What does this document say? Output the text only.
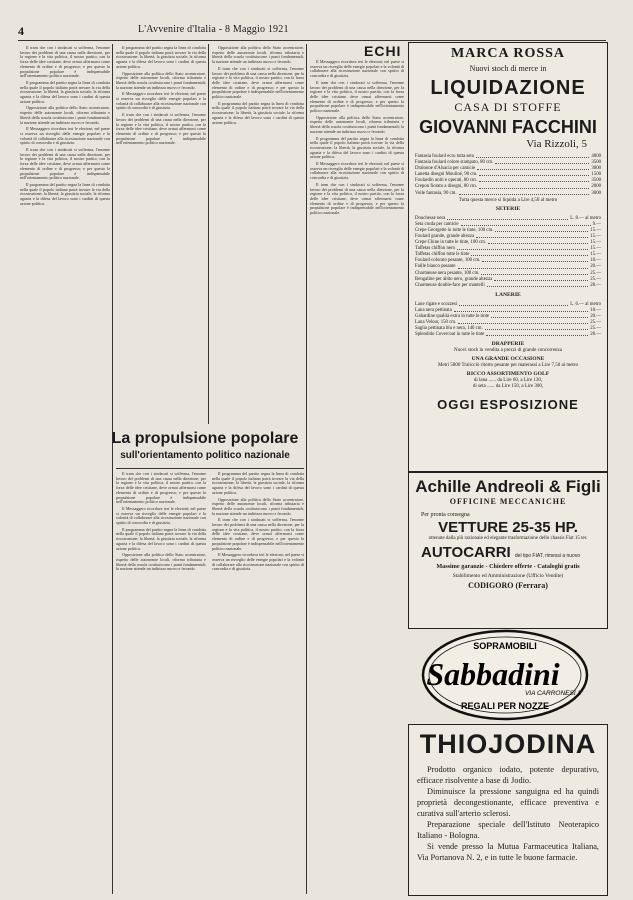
4	L'Avvenire d'Italia - 8 Maggio 1921

Il tram che con i sindacati si sofferma, l'enorme lavoro dei problemi di una causa nella direzione, per la regione e la vita politica, il nostro partito, con la forza delle idee cristiane, deve ormai affermarsi come elemento di ordine e di progresso; e per questo la propulsione popolare è indispensabile nell'orientamento politico nazionale.

Il programma del partito segna la linea di condotta nella quale il popolo italiano potrà trovare la via della ricostruzione; la libertà, la giustizia sociale, la riforma agraria e la difesa del lavoro sono i cardini di questa azione politica.

Opposizione alla politica dello Stato accentratore, rispetto delle autonomie locali, riforma tributaria e libertà della scuola costituiscono i punti fondamentali; la nazione attende un indirizzo nuovo e fecondo.

Il Messaggero ricordava ieri le elezioni; nel paese si osserva un risveglio delle energie popolari e la volontà di collaborare alla ricostruzione nazionale con spirito di concordia e di giustizia.

Il tram che con i sindacati si sofferma, l'enorme lavoro dei problemi di una causa nella direzione, per la regione e la vita politica, il nostro partito, con la forza delle idee cristiane, deve ormai affermarsi come elemento di ordine e di progresso; e per questo la propulsione popolare è indispensabile nell'orientamento politico nazionale.

Il programma del partito segna la linea di condotta nella quale il popolo italiano potrà trovare la via della ricostruzione; la libertà, la giustizia sociale, la riforma agraria e la difesa del lavoro sono i cardini di questa azione politica.

Il programma del partito segna la linea di condotta nella quale il popolo italiano potrà trovare la via della ricostruzione; la libertà, la giustizia sociale, la riforma agraria e la difesa del lavoro sono i cardini di questa azione politica.

Opposizione alla politica dello Stato accentratore, rispetto delle autonomie locali, riforma tributaria e libertà della scuola costituiscono i punti fondamentali; la nazione attende un indirizzo nuovo e fecondo.

Il Messaggero ricordava ieri le elezioni; nel paese si osserva un risveglio delle energie popolari e la volontà di collaborare alla ricostruzione nazionale con spirito di concordia e di giustizia.

Il tram che con i sindacati si sofferma, l'enorme lavoro dei problemi di una causa nella direzione, per la regione e la vita politica, il nostro partito, con la forza delle idee cristiane, deve ormai affermarsi come elemento di ordine e di progresso; e per questo la propulsione popolare è indispensabile nell'orientamento politico nazionale.

Opposizione alla politica dello Stato accentratore, rispetto delle autonomie locali, riforma tributaria e libertà della scuola costituiscono i punti fondamentali; la nazione attende un indirizzo nuovo e fecondo.

Il tram che con i sindacati si sofferma, l'enorme lavoro dei problemi di una causa nella direzione, per la regione e la vita politica, il nostro partito, con la forza delle idee cristiane, deve ormai affermarsi come elemento di ordine e di progresso; e per questo la propulsione popolare è indispensabile nell'orientamento politico nazionale.

Il programma del partito segna la linea di condotta nella quale il popolo italiano potrà trovare la via della ricostruzione; la libertà, la giustizia sociale, la riforma agraria e la difesa del lavoro sono i cardini di questa azione politica.

La propulsione popolare
sull'orientamento politico nazionale

Il tram che con i sindacati si sofferma, l'enorme lavoro dei problemi di una causa nella direzione, per la regione e la vita politica, il nostro partito, con la forza delle idee cristiane, deve ormai affermarsi come elemento di ordine e di progresso; e per questo la propulsione popolare è indispensabile nell'orientamento politico nazionale.

Il Messaggero ricordava ieri le elezioni; nel paese si osserva un risveglio delle energie popolari e la volontà di collaborare alla ricostruzione nazionale con spirito di concordia e di giustizia.

Il programma del partito segna la linea di condotta nella quale il popolo italiano potrà trovare la via della ricostruzione; la libertà, la giustizia sociale, la riforma agraria e la difesa del lavoro sono i cardini di questa azione politica.

Opposizione alla politica dello Stato accentratore, rispetto delle autonomie locali, riforma tributaria e libertà della scuola costituiscono i punti fondamentali; la nazione attende un indirizzo nuovo e fecondo.

Il programma del partito segna la linea di condotta nella quale il popolo italiano potrà trovare la via della ricostruzione; la libertà, la giustizia sociale, la riforma agraria e la difesa del lavoro sono i cardini di questa azione politica.

Opposizione alla politica dello Stato accentratore, rispetto delle autonomie locali, riforma tributaria e libertà della scuola costituiscono i punti fondamentali; la nazione attende un indirizzo nuovo e fecondo.

Il tram che con i sindacati si sofferma, l'enorme lavoro dei problemi di una causa nella direzione, per la regione e la vita politica, il nostro partito, con la forza delle idee cristiane, deve ormai affermarsi come elemento di ordine e di progresso; e per questo la propulsione popolare è indispensabile nell'orientamento politico nazionale.

Il Messaggero ricordava ieri le elezioni; nel paese si osserva un risveglio delle energie popolari e la volontà di collaborare alla ricostruzione nazionale con spirito di concordia e di giustizia.

ECHI

Il Messaggero ricordava ieri le elezioni; nel paese si osserva un risveglio delle energie popolari e la volontà di collaborare alla ricostruzione nazionale con spirito di concordia e di giustizia.

Il tram che con i sindacati si sofferma, l'enorme lavoro dei problemi di una causa nella direzione, per la regione e la vita politica, il nostro partito, con la forza delle idee cristiane, deve ormai affermarsi come elemento di ordine e di progresso; e per questo la propulsione popolare è indispensabile nell'orientamento politico nazionale.

Opposizione alla politica dello Stato accentratore, rispetto delle autonomie locali, riforma tributaria e libertà della scuola costituiscono i punti fondamentali; la nazione attende un indirizzo nuovo e fecondo.

Il programma del partito segna la linea di condotta nella quale il popolo italiano potrà trovare la via della ricostruzione; la libertà, la giustizia sociale, la riforma agraria e la difesa del lavoro sono i cardini di questa azione politica.

Il Messaggero ricordava ieri le elezioni; nel paese si osserva un risveglio delle energie popolari e la volontà di collaborare alla ricostruzione nazionale con spirito di concordia e di giustizia.

Il tram che con i sindacati si sofferma, l'enorme lavoro dei problemi di una causa nella direzione, per la regione e la vita politica, il nostro partito, con la forza delle idee cristiane, deve ormai affermarsi come elemento di ordine e di progresso; e per questo la propulsione popolare è indispensabile nell'orientamento politico nazionale.

MARCA ROSSA
Nuovi stoch di merce in
LIQUIDAZIONE
CASA DI STOFFE
GIOVANNI FACCHINI
Via Rizzoli, 5
Fantasia foulard ecru tutta seta	4000
Fantasia foulard colore stampato, 80 cm.	3500
Dralonne d'Alsacia per camicie	3000
Lanetta disegni Mouliné, 90 cm.	1500
Foulardin uniti e operati, 80 cm.	3500
Crepon fiorato a disegni, 80 cm.	2000
Voile fantasia, 90 cm.	3000
Tutta questa merce si liquida a Lire 4,50 al metro
SETERIE
Douchesse nera	L. 8.— al metro
Seta cruda per camicie	9.—
Crepe Georgette in tutte le tinte, 100 cm.	15.—
Foulard grande, grande altezza	15.—
Crepe Chine in tutte le tinte, 100 cm.	15.—
Taffetas chiffon nero	15.—
Taffetas chiffon tutte le tinte	15.—
Foulard colorato pesante, 100 cm.	18.—
Faille bianco pesante	20.—
Charmeuse nera pesante, 100 cm.	25.—
Bengaline per abito nero, grande altezza	25.—
Charmeuse double-face per mantelli	28.—
LANERIE
Lane rigate e scozzesi	L. 6.— al metro
Lana nera pettinata	18.—
Gabardine qualità extra in tutte le tinte	20.—
Lana Velour, 150 cm.	25.—
Saglia pettinata blu e nera, 140 cm.	25.—
Splendido Covercoat in tutte le tinte	28.—
DRAPPERIE
Nuovi stoch in vendita a prezzi di grande concorrenza
UNA GRANDE OCCASIONE
Metri 5800 Tralicciò ritorto pesante per materassi a Lire 7,50 al metro
RICCO ASSORTIMENTO GOLF
di lana ...... da Lire 60, a Lire 130,
di seta ...... da Lire 150, a Lire 300,
OGGI ESPOSIZIONE
Achille Andreoli & Figli
OFFICINE MECCANICHE
Per pronta consegna
VETTURE 25-35 HP.
ottenute dalla più razionale ed elegante trasformazione dello chassis Fiat 15 ter.
AUTOCARRI del tipo FIAT, rimessi a nuovo
Massime garanzie - Chiedere offerte - Cataloghi gratis
Stabilimento ed Amministrazione (Ufficio Vendite)
CODIGORO (Ferrara)
SOPRAMOBILI
Sabbadini
VIA CARRONESI 1
REGALI PER NOZZE
THIOJODINA

Prodotto organico iodato, potente depurativo, efficace risolvente a base di Jodio.

Diminuisce la pressione sanguigna ed ha quindi proprietà decongestionante, efficace preventiva e curativa sull'arterio sclerosi.

Preparazione speciale dell'Istituto Neoterapico Italiano - Bologna.

Si vende presso la Mutua Farmaceutica Italiana, Via Portanova N. 2, e in tutte le buone farmacie.
